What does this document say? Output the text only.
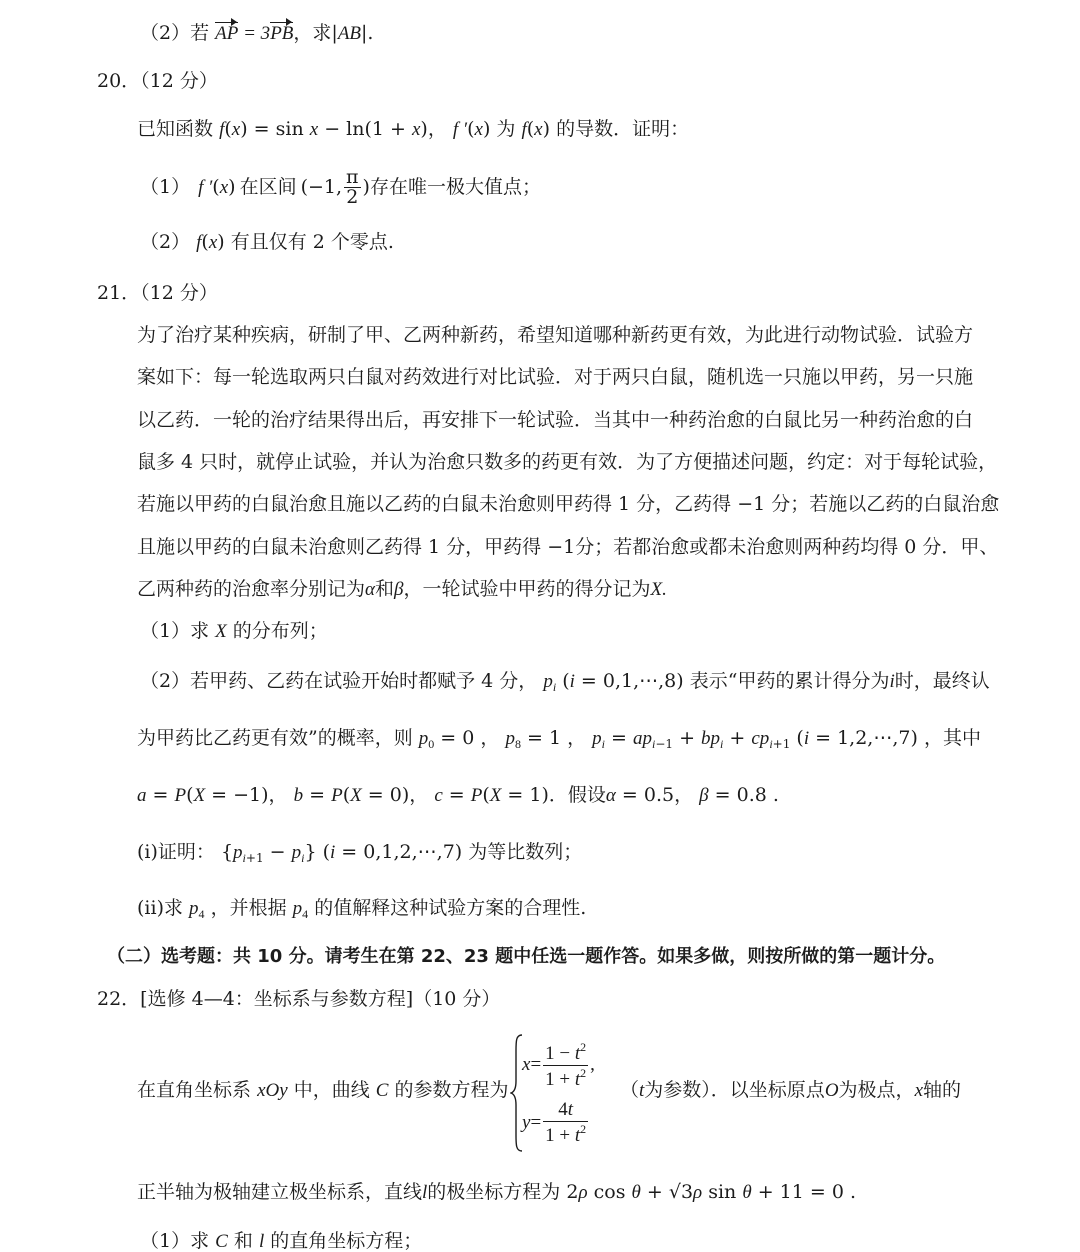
（2）若 AP = 3PB，求|AB|.
20．（12 分）
已知函数 f(x) = sin x − ln(1 + x)， f ′(x) 为 f(x) 的导数．证明：
（1） f ′ ( x ) 在区间 (−1, $\frac{\pi}{2}$ ) 存在唯一极大值点；
（2） f(x) 有且仅有 2 个零点.
21．（12 分）
为了治疗某种疾病，研制了甲、乙两种新药，希望知道哪种新药更有效，为此进行动物试验．试验方
案如下：每一轮选取两只白鼠对药效进行对比试验．对于两只白鼠，随机选一只施以甲药，另一只施
以乙药．一轮的治疗结果得出后，再安排下一轮试验．当其中一种药治愈的白鼠比另一种药治愈的白
鼠多 4 只时，就停止试验，并认为治愈只数多的药更有效．为了方便描述问题，约定：对于每轮试验，
若施以甲药的白鼠治愈且施以乙药的白鼠未治愈则甲药得 1 分，乙药得 −1 分；若施以乙药的白鼠治愈
且施以甲药的白鼠未治愈则乙药得 1 分，甲药得 −1分；若都治愈或都未治愈则两种药均得 0 分．甲、
乙两种药的治愈率分别记为α和β，一轮试验中甲药的得分记为X.
（1）求 X 的分布列；
（2）若甲药、乙药在试验开始时都赋予 4 分， $p_i$ (i = 0,1,⋯,8) 表示“甲药的累计得分为i时，最终认
为甲药比乙药更有效”的概率，则 $p_0 = 0$ ， $p_8 = 1$ ， $p_i = ap_{i-1} + bp_i + cp_{i+1}$ (i = 1,2,⋯,7) ，其中
a = P(X = −1)， b = P(X = 0)， c = P(X = 1)．假设α = 0.5， β = 0.8 .
(i)证明： $\{p_{i+1} - p_i\} (i$ = 0,1,2,⋯,7) 为等比数列；
(ii)求 $p_4$ ，并根据 $p_4$ 的值解释这种试验方案的合理性.
（二）选考题：共 10 分。请考生在第 22、23 题中任选一题作答。如果多做，则按所做的第一题计分。
22．[选修 4—4：坐标系与参数方程]（10 分）
在直角坐标系 xOy 中，曲线 C 的参数方程为
$x = \frac{1 - t^2}{1 + t^2}$ ,
$y = \frac{4t}{1 + t^2}$
（t为参数）．以坐标原点O为极点，x轴的
正半轴为极轴建立极坐标系，直线l的极坐标方程为 2ρ cos θ + √3ρ sin θ + 11 = 0 .
（1）求 C 和 l 的直角坐标方程；
